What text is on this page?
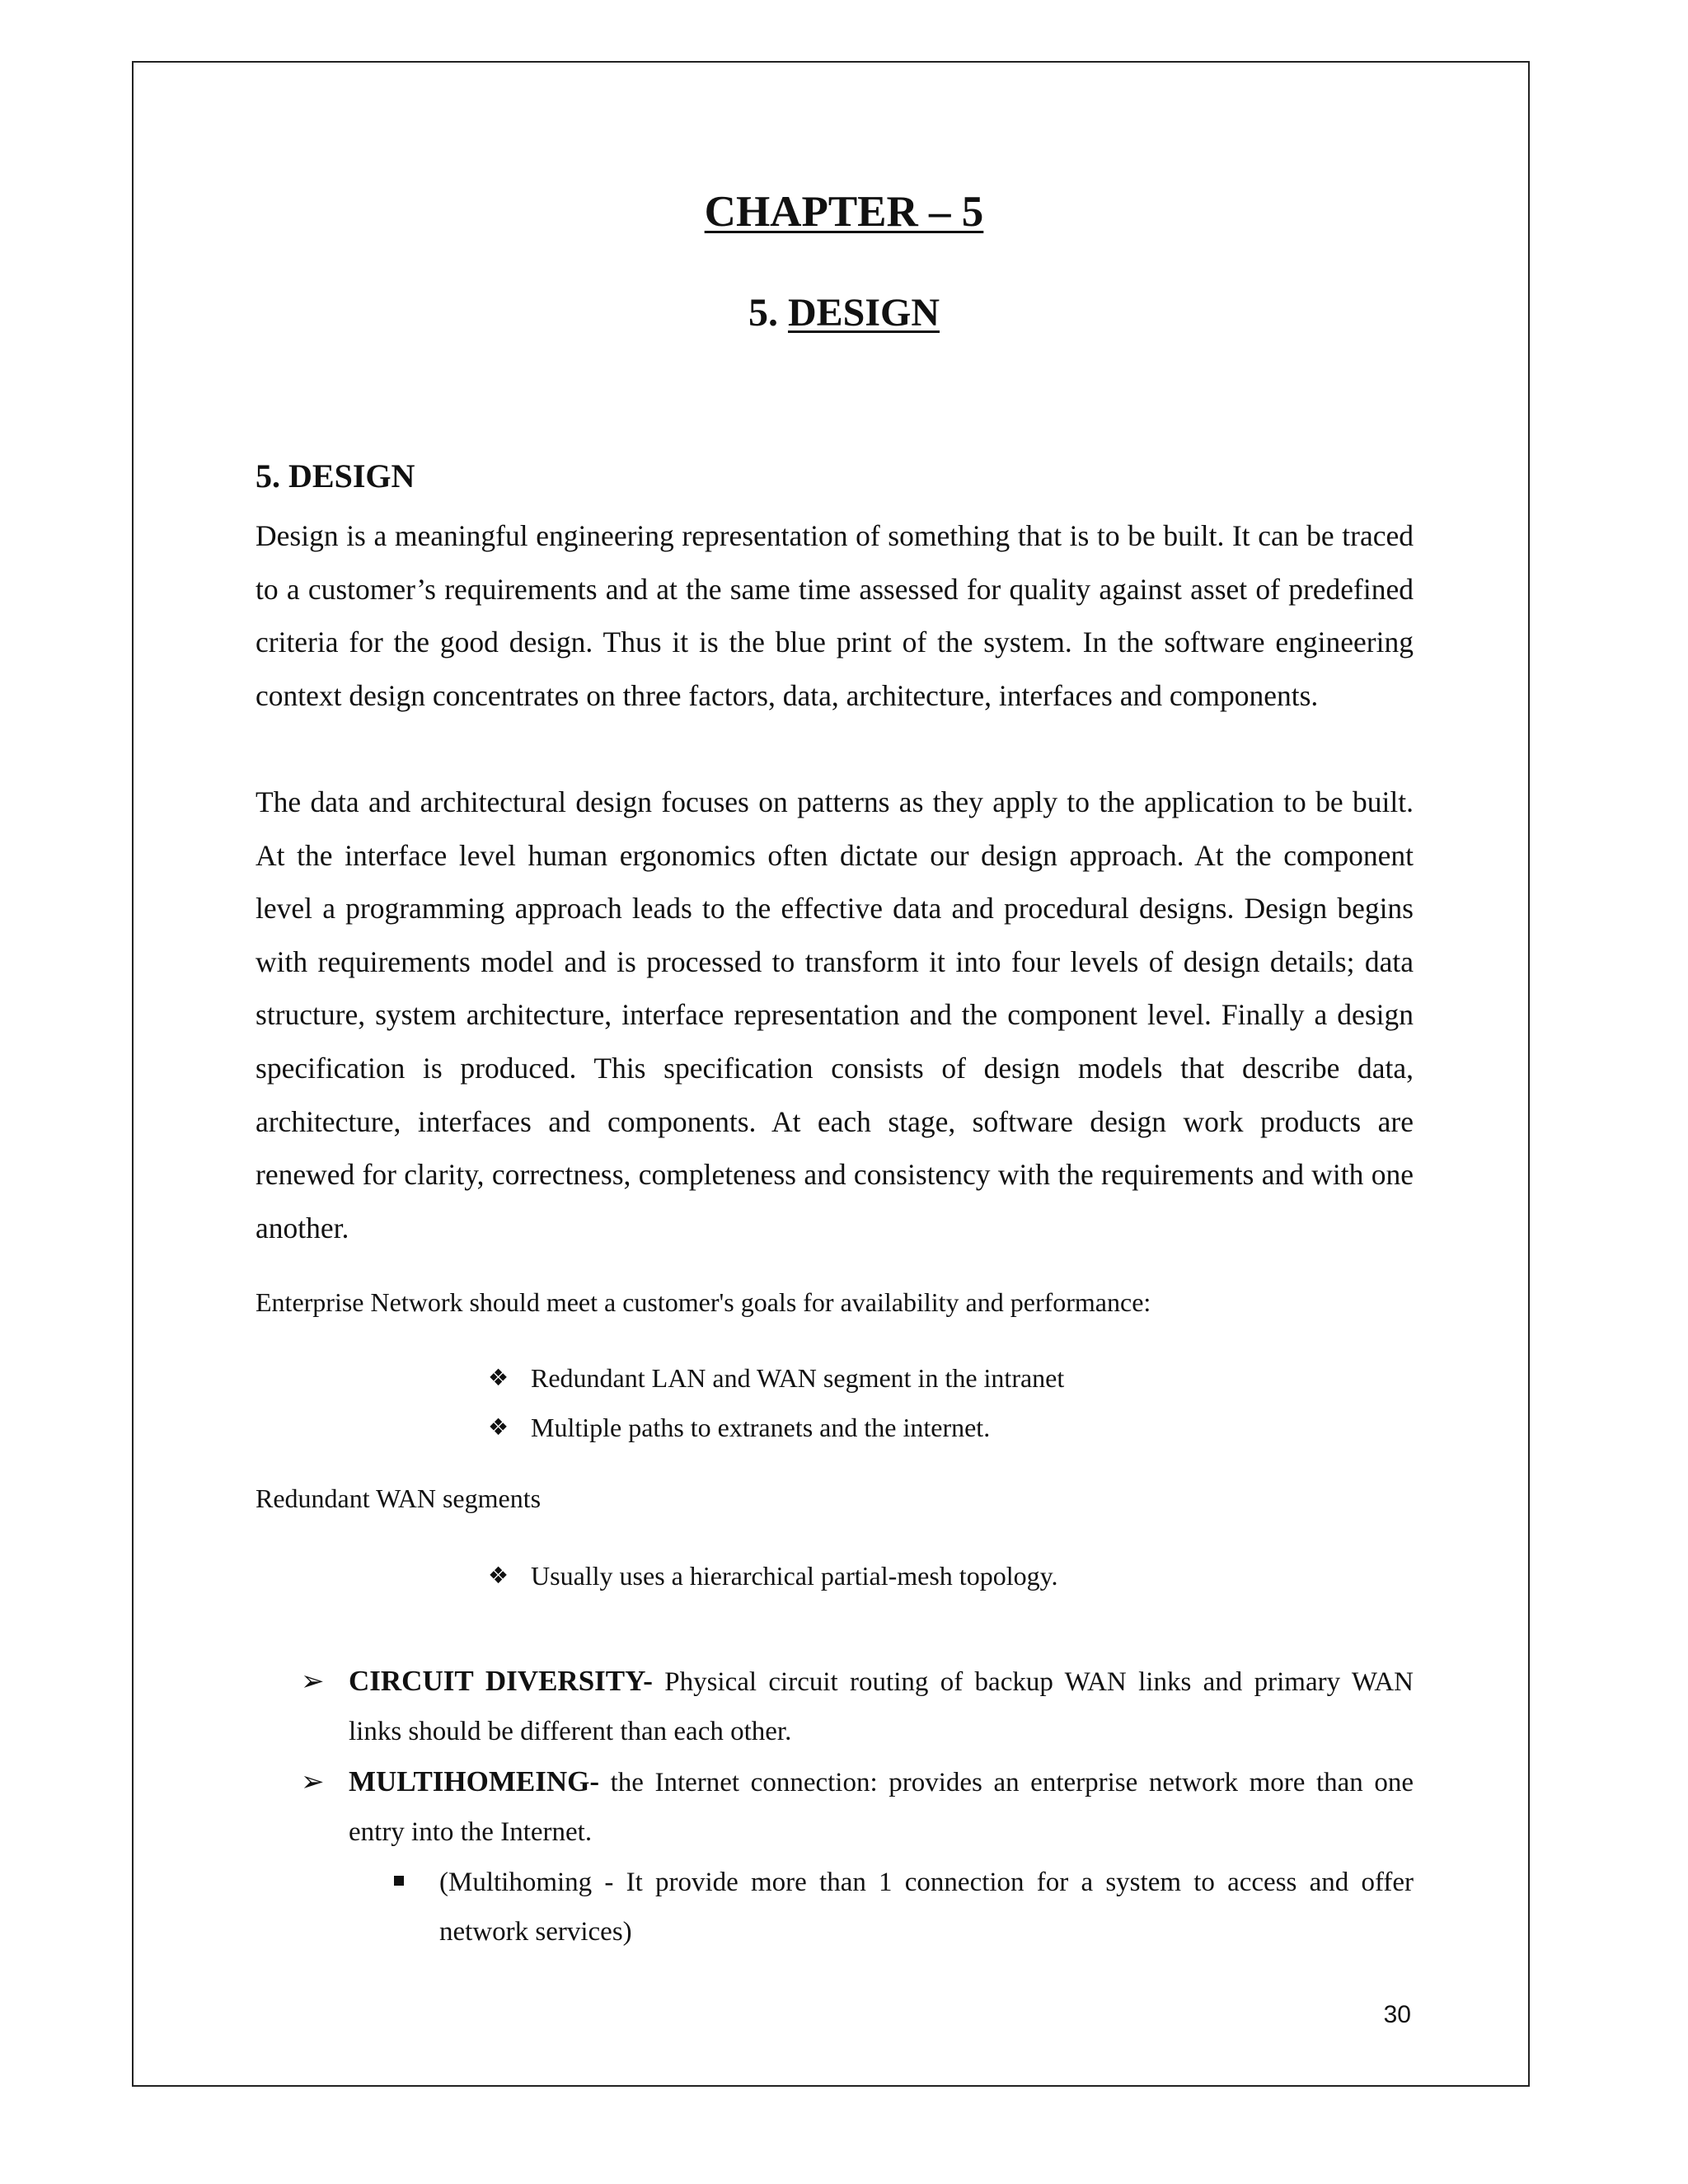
CHAPTER – 5
5. DESIGN
5. DESIGN
Design is a meaningful engineering representation of something that is to be built. It can be traced to a customer’s requirements and at the same time assessed for quality against asset of predefined criteria for the good design. Thus it is the blue print of the system. In the software engineering context design concentrates on three factors, data, architecture, interfaces and components.
The data and architectural design focuses on patterns as they apply to the application to be built. At the interface level human ergonomics often dictate our design approach. At the component level a programming approach leads to the effective data and procedural designs. Design begins with requirements model and is processed to transform it into four levels of design details; data structure, system architecture, interface representation and the component level. Finally a design specification is produced. This specification consists of design models that describe data, architecture, interfaces and components. At each stage, software design work products are renewed for clarity, correctness, completeness and consistency with the requirements and with one another.
Enterprise Network should meet a customer's goals for availability and performance:
❖ Redundant LAN and WAN segment in the intranet
❖ Multiple paths to extranets and the internet.
Redundant WAN segments
❖ Usually uses a hierarchical partial-mesh topology.
➢ CIRCUIT DIVERSITY- Physical circuit routing of backup WAN links and primary WAN links should be different than each other.
➢ MULTIHOMEING- the Internet connection: provides an enterprise network more than one entry into the Internet.
(Multihoming - It provide more than 1 connection for a system to access and offer network services)
30
